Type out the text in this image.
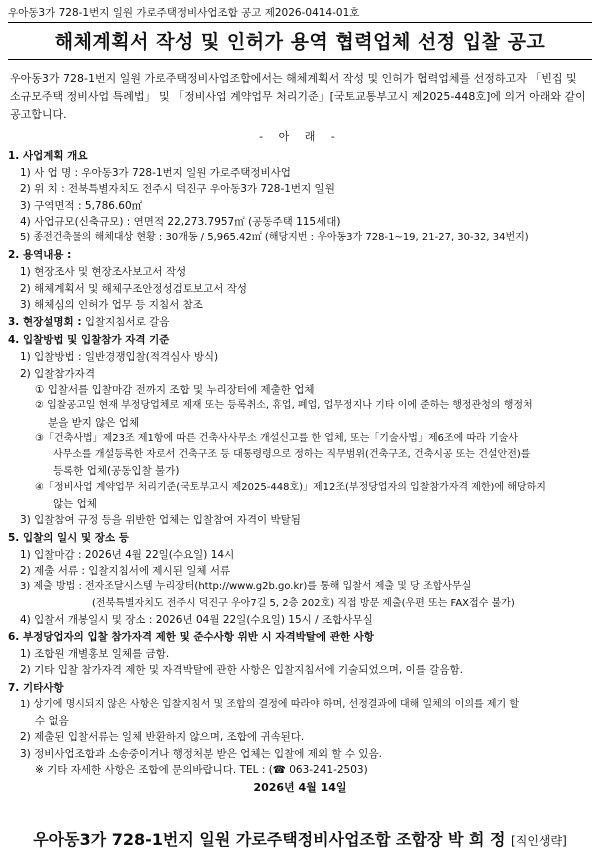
우아동3가 728-1번지 일원 가로주택정비사업조합 공고 제2026-0414-01호
해체계획서 작성 및 인허가 용역 협력업체 선정 입찰 공고
우아동3가 728-1번지 일원 가로주택정비사업조합에서는 해체계획서 작성 및 인허가 협력업체를 선정하고자 「빈집 및 소규모주택 정비사업 특례법」 및 「정비사업 계약업무 처리기준」[국토교통부고시 제2025-448호]에 의거 아래와 같이 공고합니다.
- 아 래 -
1. 사업계획 개요
1) 사 업 명 : 우아동3가 728-1번지 일원 가로주택정비사업
2) 위 치 : 전북특별자치도 전주시 덕진구 우아동3가 728-1번지 일원
3) 구역면적 : 5,786.60㎡
4) 사업규모(신축규모) : 연면적 22,273.7957㎡ (공동주택 115세대)
5) 종전건축물의 해체대상 현황 : 30개동 / 5,965.42㎡ (해당지번 : 우아동3가 728-1~19, 21-27, 30-32, 34번지)
2. 용역내용 :
1) 현장조사 및 현장조사보고서 작성
2) 해체계획서 및 해체구조안정성검토보고서 작성
3) 해체심의 인허가 업무 등 지침서 참조
3. 현장설명회 : 입찰지침서로 갈음
4. 입찰방법 및 입찰참가 자격 기준
1) 입찰방법 : 일반경쟁입찰(적격심사 방식)
2) 입찰참가자격
① 입찰서를 입찰마감 전까지 조합 및 누리장터에 제출한 업체
② 입찰공고일 현재 부정당업체로 제재 또는 등록취소, 휴업, 폐업, 업무정지나 기타 이에 준하는 행정관청의 행정처
분을 받지 않은 업체
③「건축사법」제23조 제1항에 따른 건축사사무소 개설신고를 한 업체, 또는「기술사법」제6조에 따라 기술사
사무소를 개설등록한 자로서 건축구조 등 대통령령으로 정하는 직무범위(건축구조, 건축시공 또는 건설안전)를
등록한 업체(공동입찰 불가)
④「정비사업 계약업무 처리기준(국토부고시 제2025-448호)」제12조(부정당업자의 입찰참가자격 제한)에 해당하지
않는 업체
3) 입찰참여 규정 등을 위반한 업체는 입찰참여 자격이 박탈됨
5. 입찰의 일시 및 장소 등
1) 입찰마감 : 2026년 4월 22일(수요일) 14시
2) 제출 서류 : 입찰지침서에 제시된 일체 서류
3) 제출 방법 : 전자조달시스템 누리장터(http://www.g2b.go.kr)를 통해 입찰서 제출 및 당 조합사무실
(전북특별자치도 전주시 덕진구 우아7길 5, 2층 202호) 직접 방문 제출(우편 또는 FAX접수 불가)
4) 입찰서 개봉일시 및 장소 : 2026년 04월 22일(수요일) 15시 / 조합사무실
6. 부정당업자의 입찰 참가자격 제한 및 준수사항 위반 시 자격박탈에 관한 사항
1) 조합원 개별홍보 일체를 금함.
2) 기타 입찰 참가자격 제한 및 자격박탈에 관한 사항은 입찰지침서에 기술되었으며, 이를 갈음함.
7. 기타사항
1) 상기에 명시되지 않은 사항은 입찰지침서 및 조합의 결정에 따라야 하며, 선정결과에 대해 일체의 이의를 제기 할
수 없음
2) 제출된 입찰서류는 일체 반환하지 않으며, 조합에 귀속된다.
3) 정비사업조합과 소송중이거나 행정처분 받은 업체는 입찰에 제외 할 수 있음.
※ 기타 자세한 사항은 조합에 문의바랍니다. TEL : (☎ 063-241-2503)
2026년 4월 14일
우아동3가 728-1번지 일원 가로주택정비사업조합 조합장 박 희 정 [직인생략]
